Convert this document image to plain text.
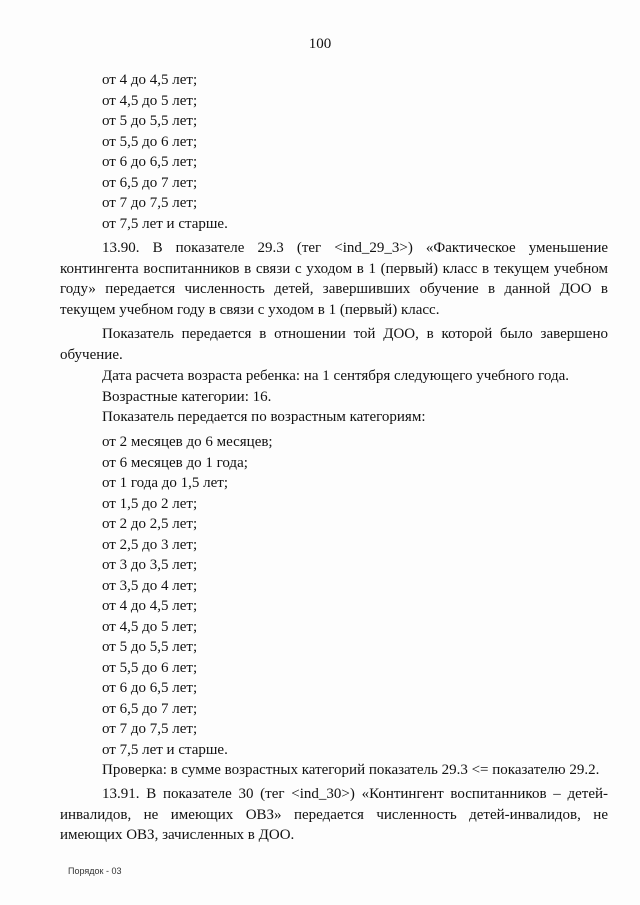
100
от 4 до 4,5 лет;
от 4,5 до 5 лет;
от 5 до 5,5 лет;
от 5,5 до 6 лет;
от 6 до 6,5 лет;
от 6,5 до 7 лет;
от 7 до 7,5 лет;
от 7,5 лет и старше.
13.90. В показателе 29.3 (тег <ind_29_3>) «Фактическое уменьшение контингента воспитанников в связи с уходом в 1 (первый) класс в текущем учебном году» передается численность детей, завершивших обучение в данной ДОО в текущем учебном году в связи с уходом в 1 (первый) класс.
Показатель передается в отношении той ДОО, в которой было завершено обучение.
Дата расчета возраста ребенка: на 1 сентября следующего учебного года.
Возрастные категории: 16.
Показатель передается по возрастным категориям:
от 2 месяцев до 6 месяцев;
от 6 месяцев до 1 года;
от 1 года до 1,5 лет;
от 1,5 до 2 лет;
от 2 до 2,5 лет;
от 2,5 до 3 лет;
от 3 до 3,5 лет;
от 3,5 до 4 лет;
от 4 до 4,5 лет;
от 4,5 до 5 лет;
от 5 до 5,5 лет;
от 5,5 до 6 лет;
от 6 до 6,5 лет;
от 6,5 до 7 лет;
от 7 до 7,5 лет;
от 7,5 лет и старше.
Проверка: в сумме возрастных категорий показатель 29.3 <= показателю 29.2.
13.91. В показателе 30 (тег <ind_30>) «Контингент воспитанников – детей-инвалидов, не имеющих ОВЗ» передается численность детей-инвалидов, не имеющих ОВЗ, зачисленных в ДОО.
Порядок - 03
